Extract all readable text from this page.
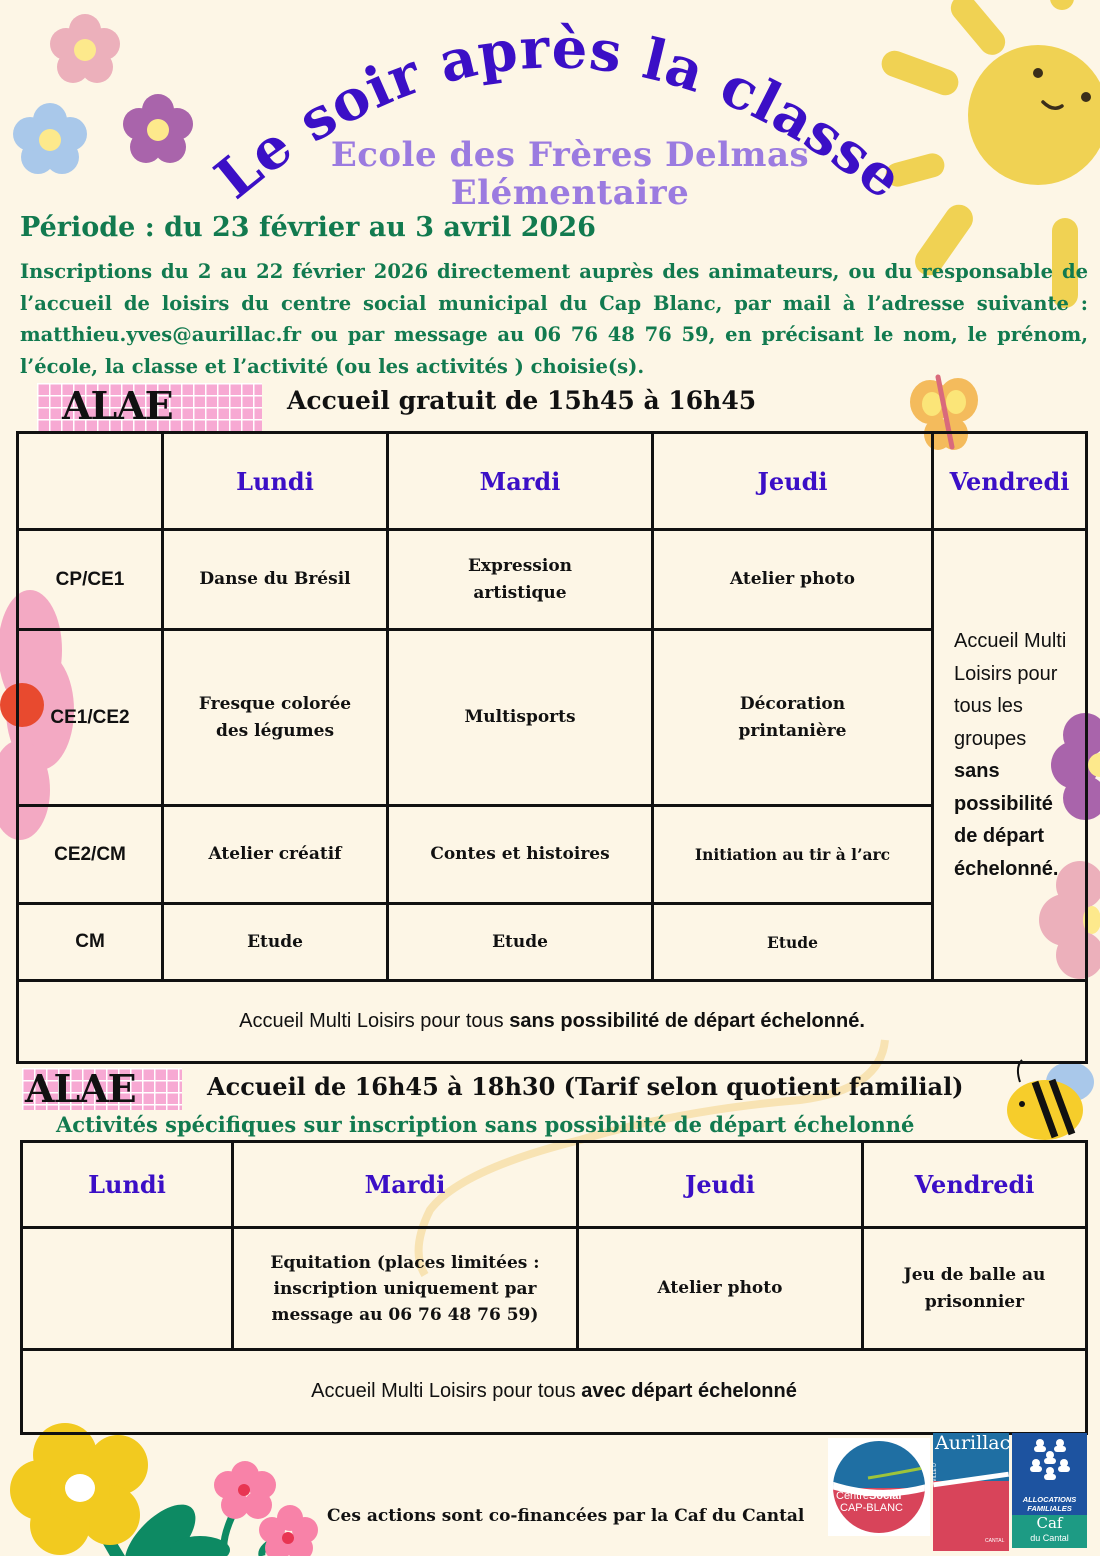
Le soir après la classe
Ecole des Frères Delmas
Elémentaire
Période : du 23 février au 3 avril 2026
Inscriptions du 2 au 22 février 2026 directement auprès des animateurs, ou du responsable de l’accueil de loisirs du centre social municipal du Cap Blanc, par mail à l’adresse suivante : matthieu.yves@aurillac.fr ou par message au 06 76 48 76 59, en précisant le nom, le prénom, l’école, la classe et l’activité (ou les activités ) choisie(s).
ALAE	Accueil gratuit de 15h45 à 16h45
	Lundi	Mardi	Jeudi	Vendredi
CP/CE1	Danse du Brésil	Expression artistique	Atelier photo	Accueil Multi Loisirs pour tous les groupes sans possibilité de départ échelonné.
CE1/CE2	Fresque colorée des légumes	Multisports	Décoration printanière	
CE2/CM	Atelier créatif	Contes et histoires	Initiation au tir à l’arc	
CM	Etude	Etude	Etude	
Accueil Multi Loisirs pour tous sans possibilité de départ échelonné.				
ALAE	Accueil de 16h45 à 18h30 (Tarif selon quotient familial)
Activités spécifiques sur inscription sans possibilité de départ échelonné
Lundi	Mardi	Jeudi	Vendredi
	Equitation (places limitées : inscription uniquement par message au 06 76 48 76 59)	Atelier photo	Jeu de balle au prisonnier
Accueil Multi Loisirs pour tous avec départ échelonné			
Ces actions sont co-financées par la Caf du Cantal
CentreSocial
CAP-BLANC
Aurillac
VILLE D'
CANTAL
ALLOCATIONS
FAMILIALES
Caf
du Cantal
